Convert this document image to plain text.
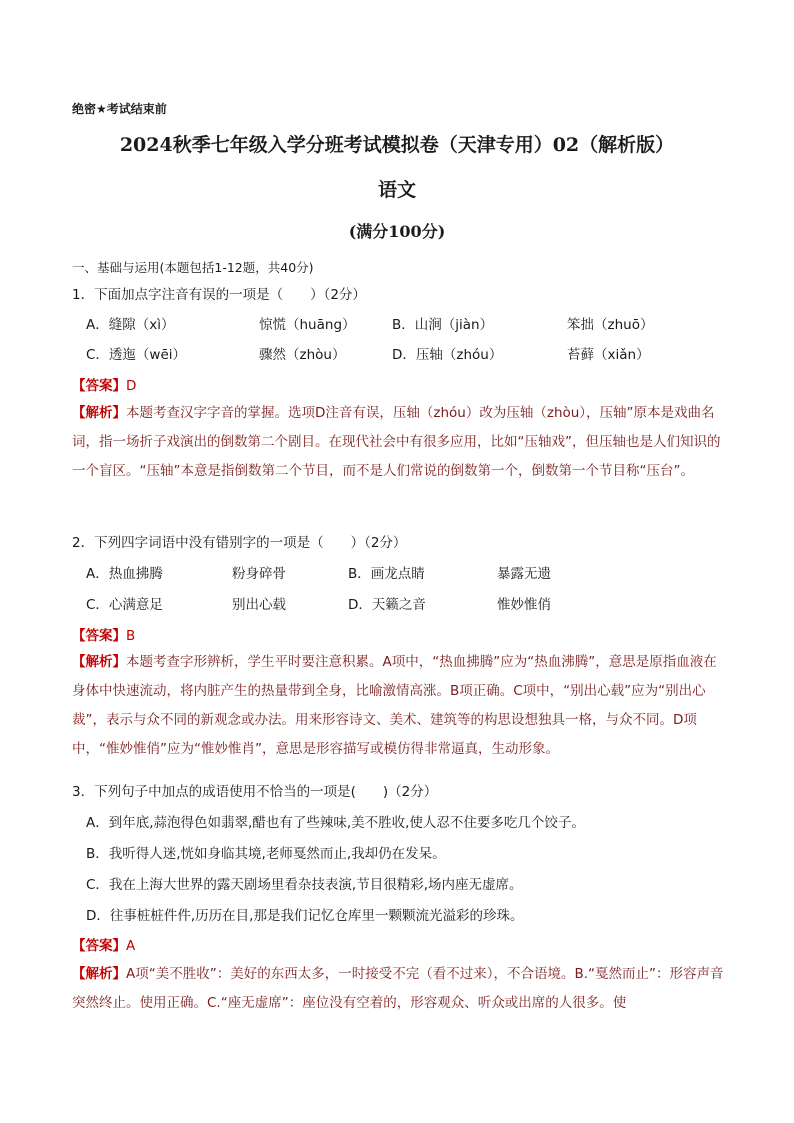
绝密★考试结束前
2024秋季七年级入学分班考试模拟卷（天津专用）02（解析版）
语文
(满分100分)
一、基础与运用(本题包括1-12题，共40分)
1．下面加点字注音有误的一项是（　　）（2分）
A．缝隙（xì）	惊慌（huāng）	B．山涧（jiàn）	笨拙（zhuō）
C．透迤（wēi）	骤然（zhòu）	D．压轴（zhóu）	苔藓（xiǎn）
【答案】D
【解析】本题考查汉字字音的掌握。选项D注音有误，压轴（zhóu）改为压轴（zhòu），压轴”原本是戏曲名词，指一场折子戏演出的倒数第二个剧目。在现代社会中有很多应用，比如“压轴戏”，但压轴也是人们知识的一个盲区。“压轴”本意是指倒数第二个节目，而不是人们常说的倒数第一个，倒数第一个节目称“压台”。
2．下列四字词语中没有错别字的一项是（　　）（2分）
A．热血拂腾	粉身碎骨	B．画龙点睛	暴露无遗
C．心满意足	别出心载	D．天籁之音	惟妙惟俏
【答案】B
【解析】本题考查字形辨析，学生平时要注意积累。A项中，“热血拂腾”应为“热血沸腾”，意思是原指血液在身体中快速流动，将内脏产生的热量带到全身，比喻激情高涨。B项正确。C项中，“别出心载”应为“别出心裁”，表示与众不同的新观念或办法。用来形容诗文、美术、建筑等的构思设想独具一格，与众不同。D项中，“惟妙惟俏”应为“惟妙惟肖”，意思是形容描写或模仿得非常逼真，生动形象。
3．下列句子中加点的成语使用不恰当的一项是(　　)（2分）
A．到年底,蒜泡得色如翡翠,醋也有了些辣味,美不胜收,使人忍不住要多吃几个饺子。
B．我听得人迷,恍如身临其境,老师戛然而止,我却仍在发呆。
C．我在上海大世界的露天剧场里看杂技表演,节目很精彩,场内座无虚席。
D．往事桩桩件件,历历在目,那是我们记忆仓库里一颗颗流光溢彩的珍珠。
【答案】A
【解析】A项“美不胜收”：美好的东西太多，一时接受不完（看不过来），不合语境。B.“戛然而止”：形容声音突然终止。使用正确。C.“座无虚席”：座位没有空着的，形容观众、听众或出席的人很多。使
